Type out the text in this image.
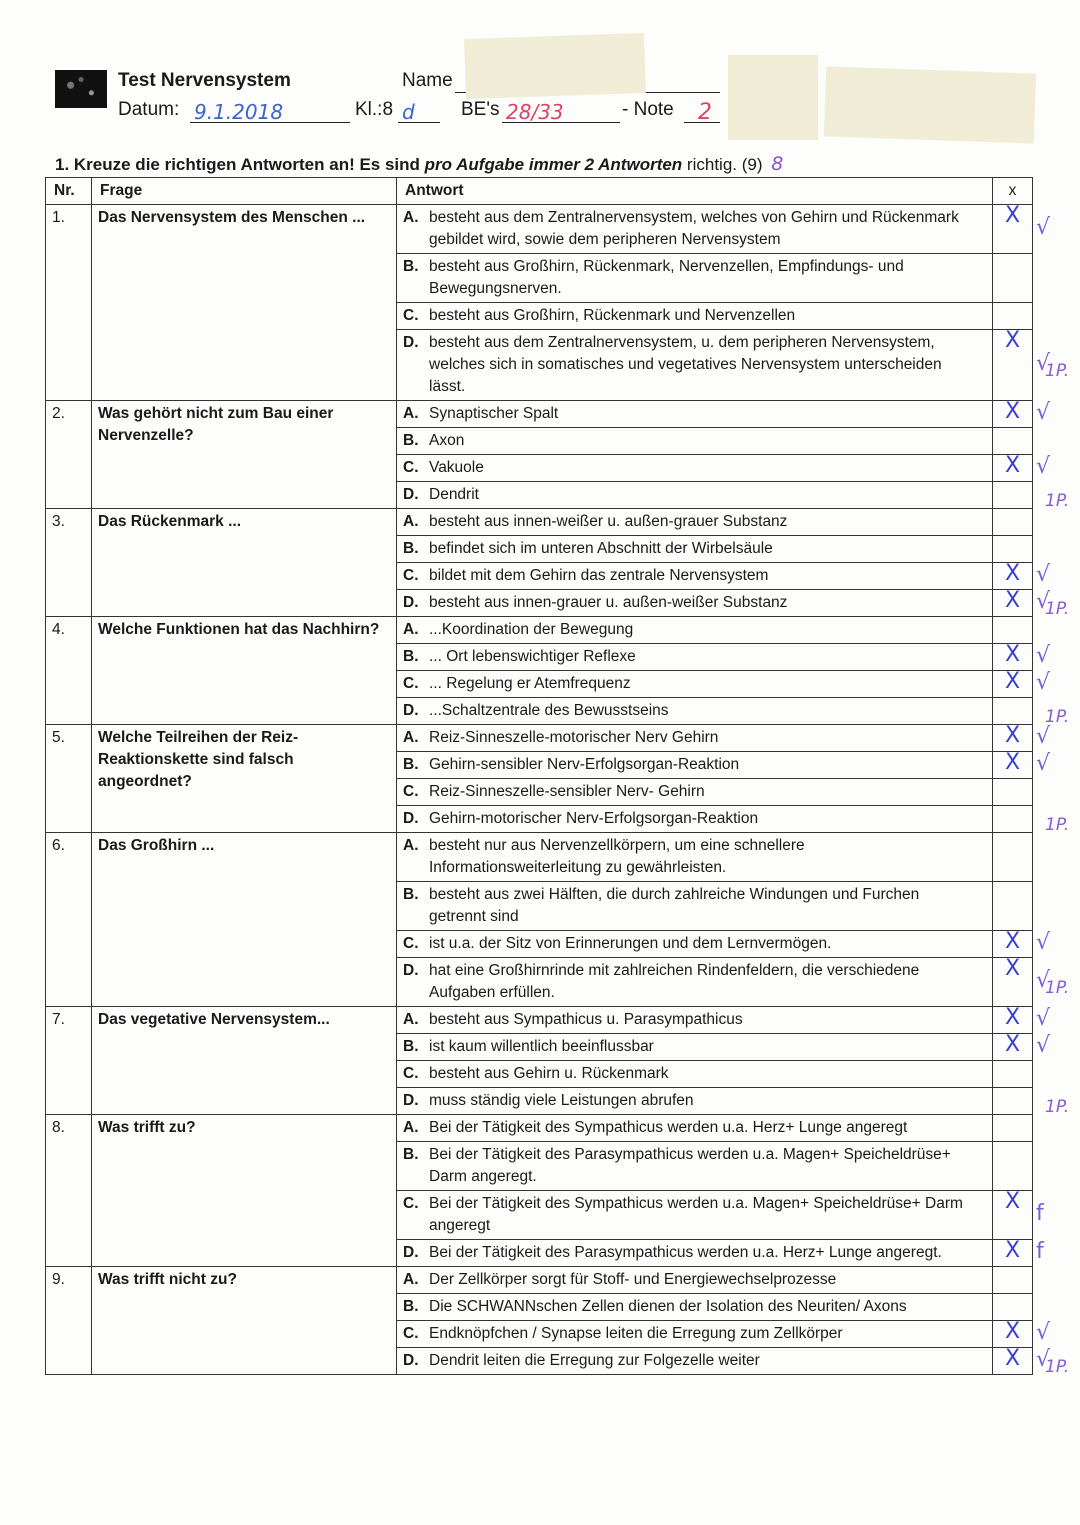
Test Nervensystem
Datum: 9.1.2018	Kl.:8 d
Name
BE's 28/33	- Note	2
1. Kreuze die richtigen Antworten an! Es sind pro Aufgabe immer 2 Antworten richtig. (9) 8
Nr.	Frage	Antwort	x
1.	Das Nervensystem des Menschen ...	A. besteht aus dem Zentralnervensystem, welches von Gehirn und Rückenmark gebildet wird, sowie dem peripheren Nervensystem	X
		B. besteht aus Großhirn, Rückenmark, Nervenzellen, Empfindungs- und Bewegungsnerven.	
		C. besteht aus Großhirn, Rückenmark und Nervenzellen	
		D. besteht aus dem Zentralnervensystem, u. dem peripheren Nervensystem, welches sich in somatisches und vegetatives Nervensystem unterscheiden lässt.	X
2.	Was gehört nicht zum Bau einer Nervenzelle?	A. Synaptischer Spalt	X
		B. Axon	
		C. Vakuole	X
		D. Dendrit	
3.	Das Rückenmark ...	A. besteht aus innen-weißer u. außen-grauer Substanz	
		B. befindet sich im unteren Abschnitt der Wirbelsäule	
		C. bildet mit dem Gehirn das zentrale Nervensystem	X
		D. besteht aus innen-grauer u. außen-weißer Substanz	X
4.	Welche Funktionen hat das Nachhirn?	A. ...Koordination der Bewegung	
		B. ... Ort lebenswichtiger Reflexe	X
		C. ... Regelung er Atemfrequenz	X
		D. ...Schaltzentrale des Bewusstseins	
5.	Welche Teilreihen der Reiz-Reaktionskette sind falsch angeordnet?	A. Reiz-Sinneszelle-motorischer Nerv Gehirn	X
		B. Gehirn-sensibler Nerv-Erfolgsorgan-Reaktion	X
		C. Reiz-Sinneszelle-sensibler Nerv- Gehirn	
		D. Gehirn-motorischer Nerv-Erfolgsorgan-Reaktion	
6.	Das Großhirn ...	A. besteht nur aus Nervenzellkörpern, um eine schnellere Informationsweiterleitung zu gewährleisten.	
		B. besteht aus zwei Hälften, die durch zahlreiche Windungen und Furchen getrennt sind	
		C. ist u.a. der Sitz von Erinnerungen und dem Lernvermögen.	X
		D. hat eine Großhirnrinde mit zahlreichen Rindenfeldern, die verschiedene Aufgaben erfüllen.	X
7.	Das vegetative Nervensystem...	A. besteht aus Sympathicus u. Parasympathicus	X
		B. ist kaum willentlich beeinflussbar	X
		C. besteht aus Gehirn u. Rückenmark	
		D. muss ständig viele Leistungen abrufen	
8.	Was trifft zu?	A. Bei der Tätigkeit des Sympathicus werden u.a. Herz+ Lunge angeregt	
		B. Bei der Tätigkeit des Parasympathicus werden u.a. Magen+ Speicheldrüse+ Darm angeregt.	
		C. Bei der Tätigkeit des Sympathicus werden u.a. Magen+ Speicheldrüse+ Darm angeregt	X
		D. Bei der Tätigkeit des Parasympathicus werden u.a. Herz+ Lunge angeregt.	X
9.	Was trifft nicht zu?	A. Der Zellkörper sorgt für Stoff- und Energiewechselprozesse	
		B. Die SCHWANNschen Zellen dienen der Isolation des Neuriten/ Axons	
		C. Endknöpfchen / Synapse leiten die Erregung zum Zellkörper	X
		D. Dendrit leiten die Erregung zur Folgezelle weiter	X
√
√
1P.
√
√
1P.
√
√
1P.
√
√
1P.
√
√
1P.
√
√
1P.
√
√
1P.
f
f
√
√
1P.
